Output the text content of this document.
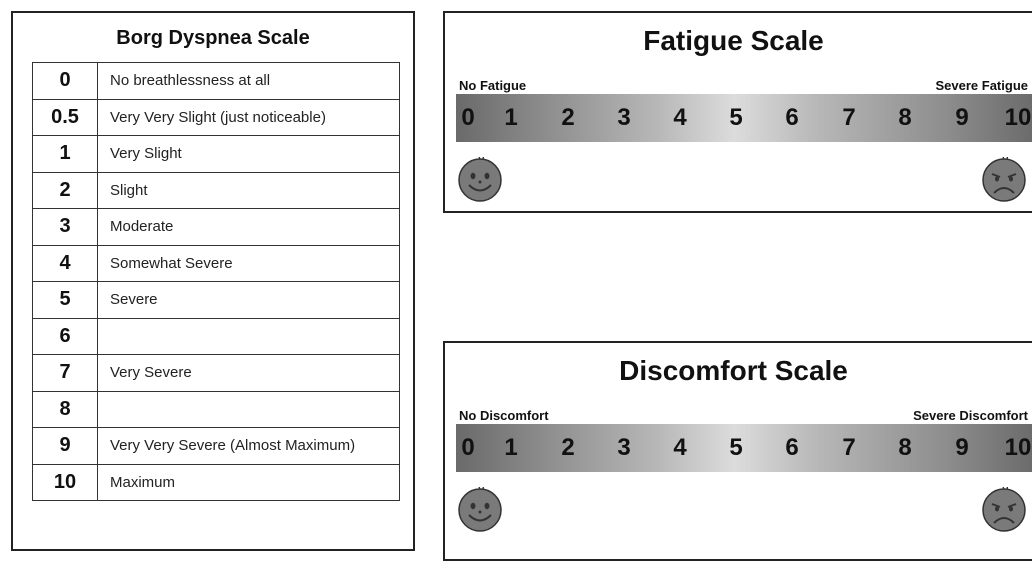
Borg Dyspnea Scale
0	No breathlessness at all
0.5	Very Very Slight (just noticeable)
1	Very Slight
2	Slight
3	Moderate
4	Somewhat Severe
5	Severe
6	
7	Very Severe
8	
9	Very Very Severe (Almost Maximum)
10	Maximum
Fatigue Scale
No Fatigue	Severe Fatigue
0 1 2 3 4 5 6 7 8 9 10
Discomfort Scale
No Discomfort	Severe Discomfort
0 1 2 3 4 5 6 7 8 9 10
